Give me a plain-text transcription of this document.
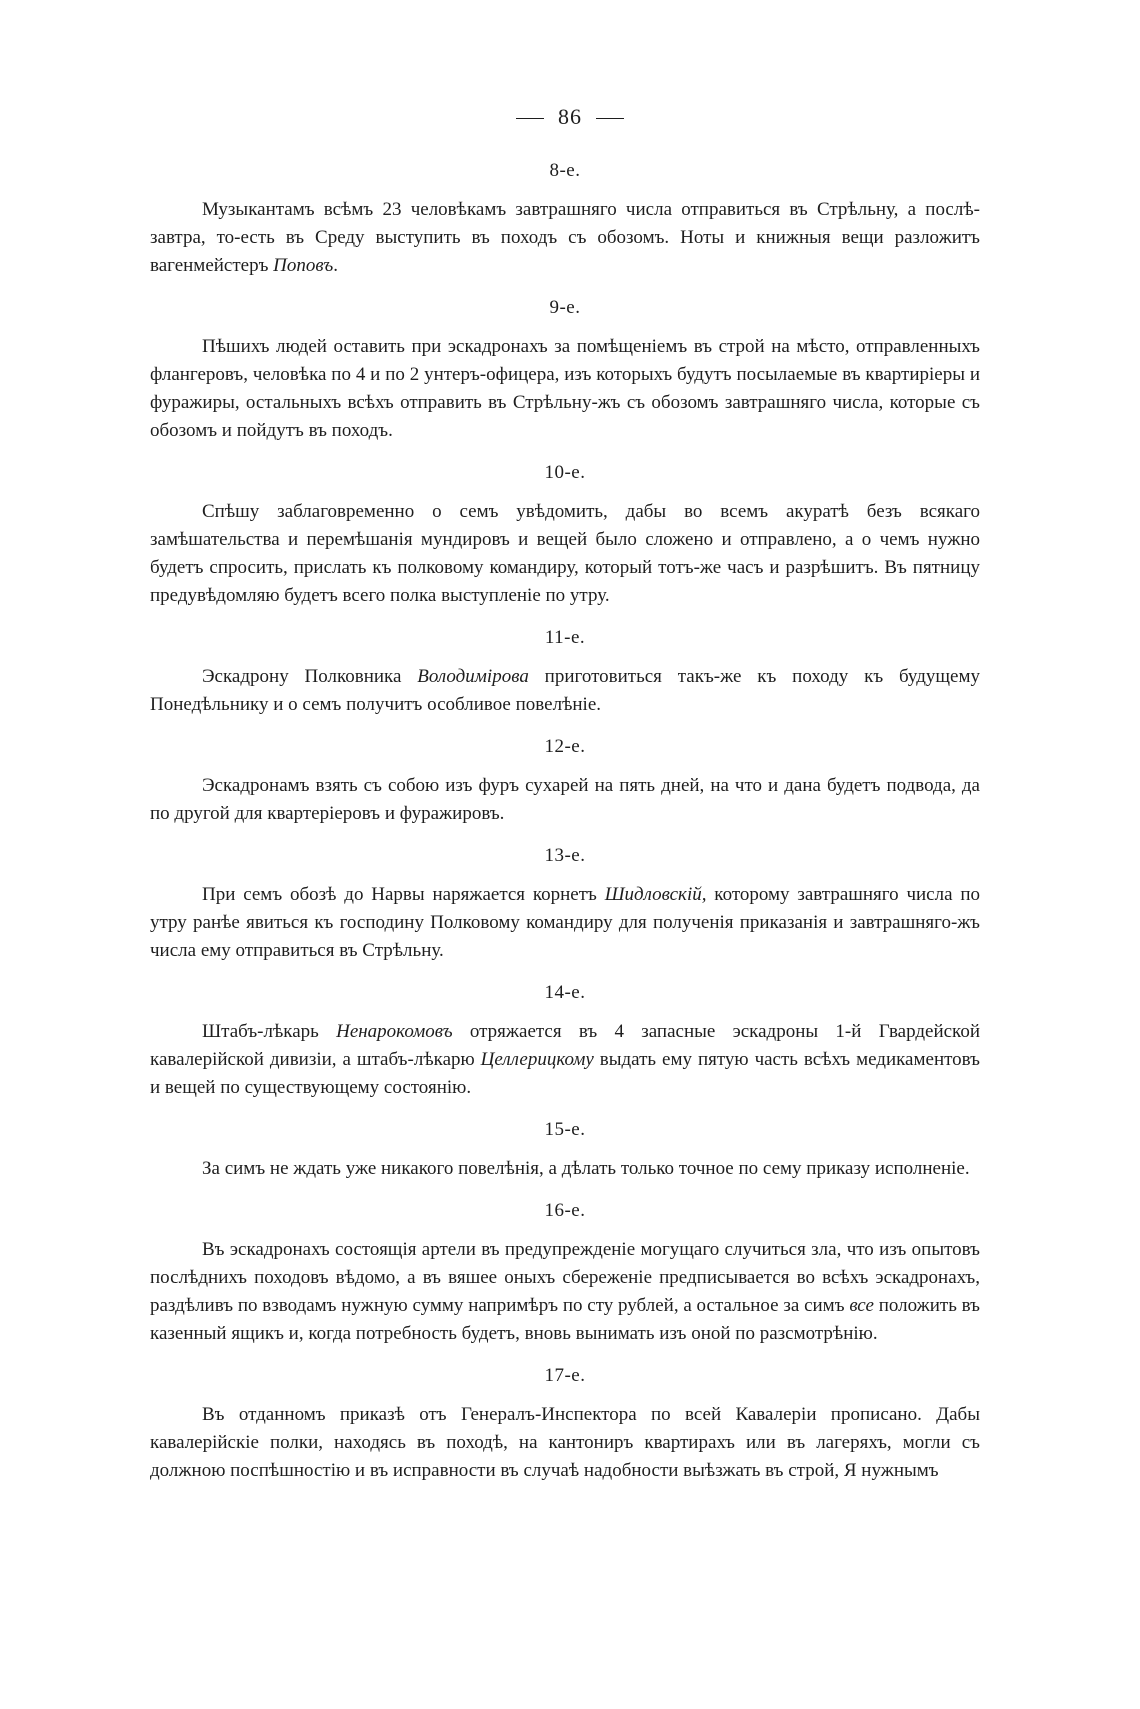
86
8-е.

Музыкантамъ всѣмъ 23 человѣкамъ завтрашняго числа отправиться въ Стрѣльну, а послѣ-завтра, то-есть въ Среду выступить въ походъ съ обозомъ. Ноты и книжныя вещи разложитъ вагенмейстеръ Поповъ.

9-е.

Пѣшихъ людей оставить при эскадронахъ за помѣщеніемъ въ строй на мѣсто, отправленныхъ флангеровъ, человѣка по 4 и по 2 унтеръ-офицера, изъ которыхъ будутъ посылаемые въ квартиріеры и фуражиры, остальныхъ всѣхъ отправить въ Стрѣльну-жъ съ обозомъ завтрашняго числа, которые съ обозомъ и пойдутъ въ походъ.

10-е.

Спѣшу заблаговременно о семъ увѣдомить, дабы во всемъ акуратѣ безъ всякаго замѣшательства и перемѣшанія мундировъ и вещей было сложено и отправлено, а о чемъ нужно будетъ спросить, прислать къ полковому командиру, который тотъ-же часъ и разрѣшитъ. Въ пятницу предувѣдомляю будетъ всего полка выступленіе по утру.

11-е.

Эскадрону Полковника Володимірова приготовиться такъ-же къ походу къ будущему Понедѣльнику и о семъ получитъ особливое повелѣніе.

12-е.

Эскадронамъ взять съ собою изъ фуръ сухарей на пять дней, на что и дана будетъ подвода, да по другой для квартеріеровъ и фуражировъ.

13-е.

При семъ обозѣ до Нарвы наряжается корнетъ Шидловскій, которому завтрашняго числа по утру ранѣе явиться къ господину Полковому командиру для полученія приказанія и завтрашняго-жъ числа ему отправиться въ Стрѣльну.

14-е.

Штабъ-лѣкарь Ненарокомовъ отряжается въ 4 запасные эскадроны 1-й Гвардейской кавалерійской дивизіи, а штабъ-лѣкарю Целлерицкому выдать ему пятую часть всѣхъ медикаментовъ и вещей по существующему состоянію.

15-е.

За симъ не ждать уже никакого повелѣнія, а дѣлать только точное по сему приказу исполненіе.

16-е.

Въ эскадронахъ состоящія артели въ предупрежденіе могущаго случиться зла, что изъ опытовъ послѣднихъ походовъ вѣдомо, а въ вяшее оныхъ сбереженіе предписывается во всѣхъ эскадронахъ, раздѣливъ по взводамъ нужную сумму напримѣръ по сту рублей, а остальное за симъ все положить въ казенный ящикъ и, когда потребность будетъ, вновь вынимать изъ оной по разсмотрѣнію.

17-е.

Въ отданномъ приказѣ отъ Генералъ-Инспектора по всей Кавалеріи прописано. Дабы кавалерійскіе полки, находясь въ походѣ, на кантониръ квартирахъ или въ лагеряхъ, могли съ должною поспѣшностію и въ исправности въ случаѣ надобности выѣзжать въ строй, Я нужнымъ
